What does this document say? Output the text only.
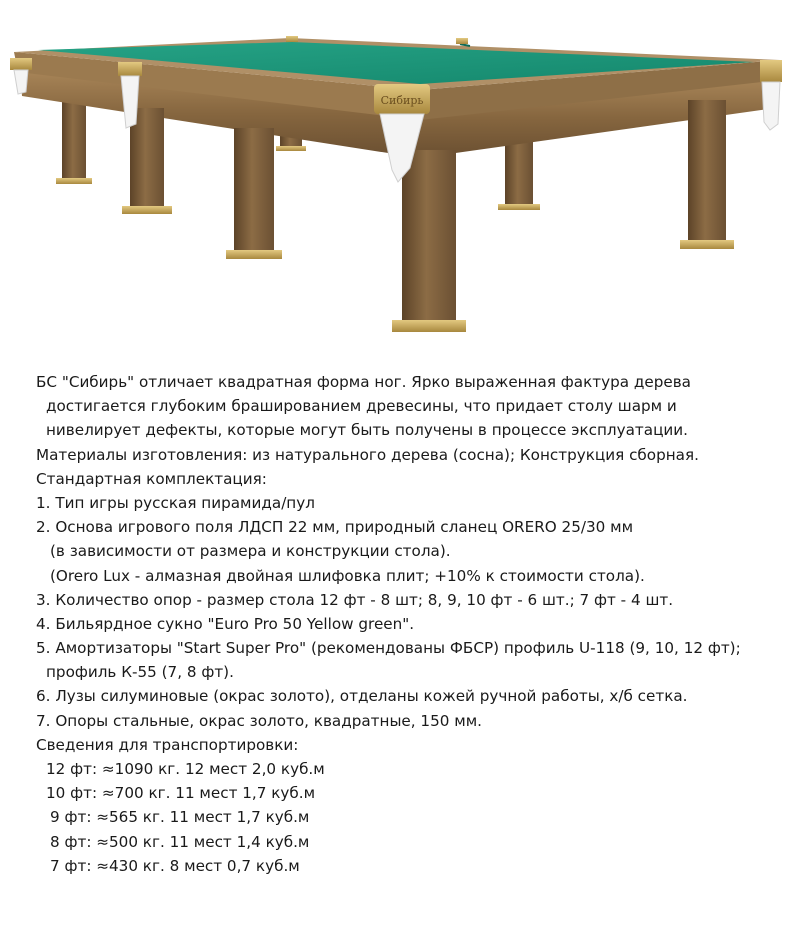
Сибирь
БС "Сибирь" отличает квадратная форма ног. Ярко выраженная фактура дерева
достигается глубоким брашированием древесины, что придает столу шарм и
нивелирует дефекты, которые могут быть получены в процессе эксплуатации.
Материалы изготовления: из натурального дерева (сосна); Конструкция сборная.
Стандартная комплектация:
1. Тип игры русская пирамида/пул
2. Основа игрового поля ЛДСП 22 мм, природный сланец ORERO 25/30 мм
(в зависимости от размера и конструкции стола).
(Orero Lux - алмазная двойная шлифовка плит; +10% к стоимости стола).
3. Количество опор - размер стола 12 фт - 8 шт; 8, 9, 10 фт - 6 шт.; 7 фт - 4 шт.
4. Бильярдное сукно "Euro Pro 50 Yellow green".
5. Амортизаторы "Start Super Pro" (рекомендованы ФБСР) профиль U-118 (9, 10, 12 фт);
профиль К-55 (7, 8 фт).
6. Лузы силуминовые (окрас золото), отделаны кожей ручной работы, х/б сетка.
7. Опоры стальные, окрас золото, квадратные, 150 мм.
Сведения для транспортировки:
12 фт: ≈1090 кг. 12 мест 2,0 куб.м
10 фт: ≈700 кг. 11 мест 1,7 куб.м
9 фт: ≈565 кг. 11 мест 1,7 куб.м
8 фт: ≈500 кг. 11 мест 1,4 куб.м
7 фт: ≈430 кг. 8 мест 0,7 куб.м
